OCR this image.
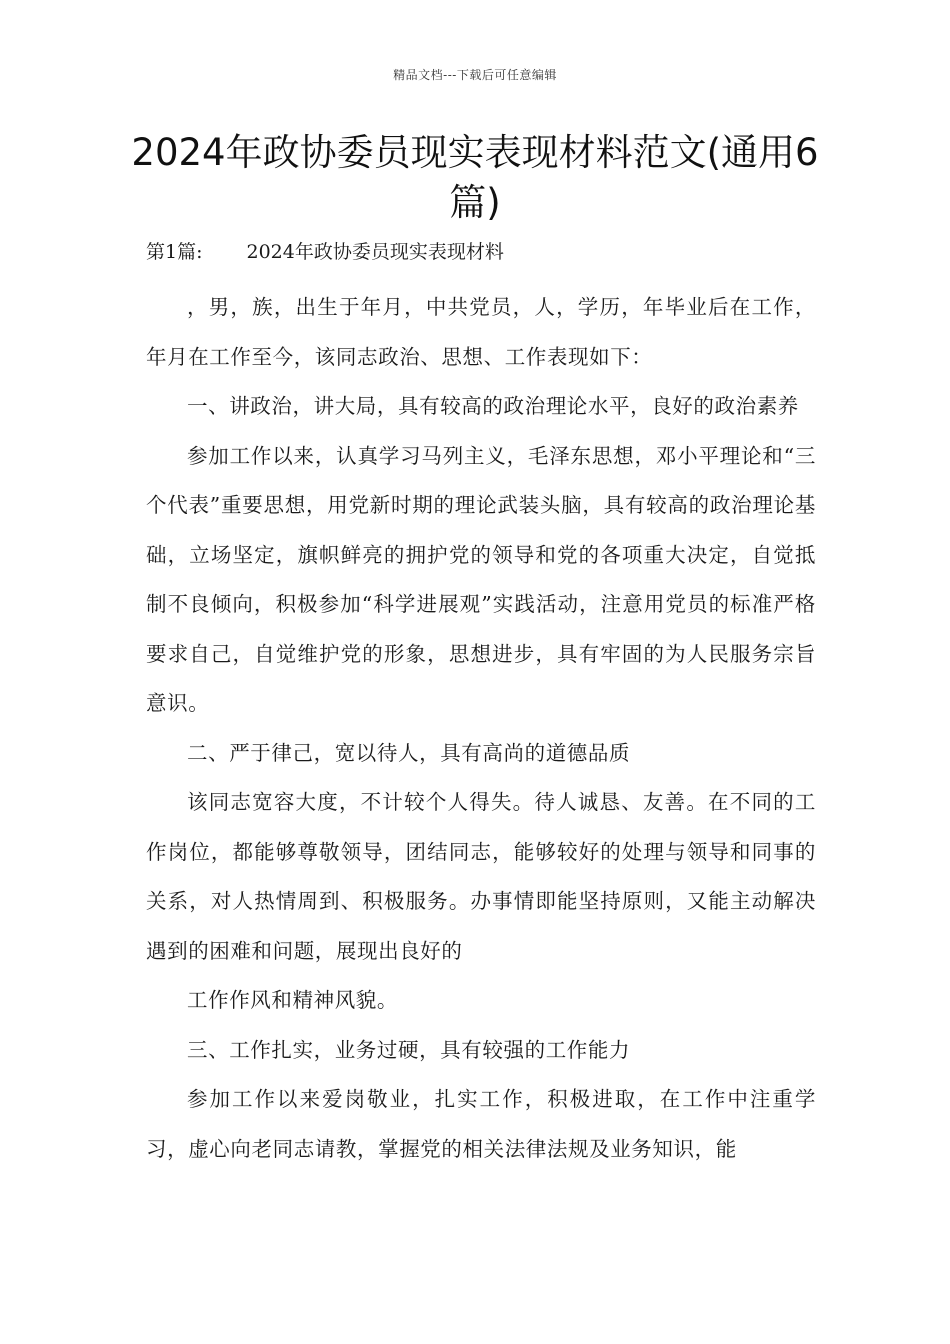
精品文档---下载后可任意编辑
2024年政协委员现实表现材料范文(通用6篇)
第1篇: 2024年政协委员现实表现材料

，男，族，出生于年月，中共党员，人，学历，年毕业后在工作，年月在工作至今，该同志政治、思想、工作表现如下：

一、讲政治，讲大局，具有较高的政治理论水平，良好的政治素养

参加工作以来，认真学习马列主义，毛泽东思想，邓小平理论和“三个代表”重要思想，用党新时期的理论武装头脑，具有较高的政治理论基础，立场坚定，旗帜鲜亮的拥护党的领导和党的各项重大决定，自觉抵制不良倾向，积极参加“科学进展观”实践活动，注意用党员的标准严格要求自己，自觉维护党的形象，思想进步，具有牢固的为人民服务宗旨意识。

二、严于律己，宽以待人，具有高尚的道德品质

该同志宽容大度，不计较个人得失。待人诚恳、友善。在不同的工作岗位，都能够尊敬领导，团结同志，能够较好的处理与领导和同事的关系，对人热情周到、积极服务。办事情即能坚持原则，又能主动解决遇到的困难和问题，展现出良好的

工作作风和精神风貌。

三、工作扎实，业务过硬，具有较强的工作能力

参加工作以来爱岗敬业，扎实工作，积极进取，在工作中注重学习，虚心向老同志请教，掌握党的相关法律法规及业务知识，能
